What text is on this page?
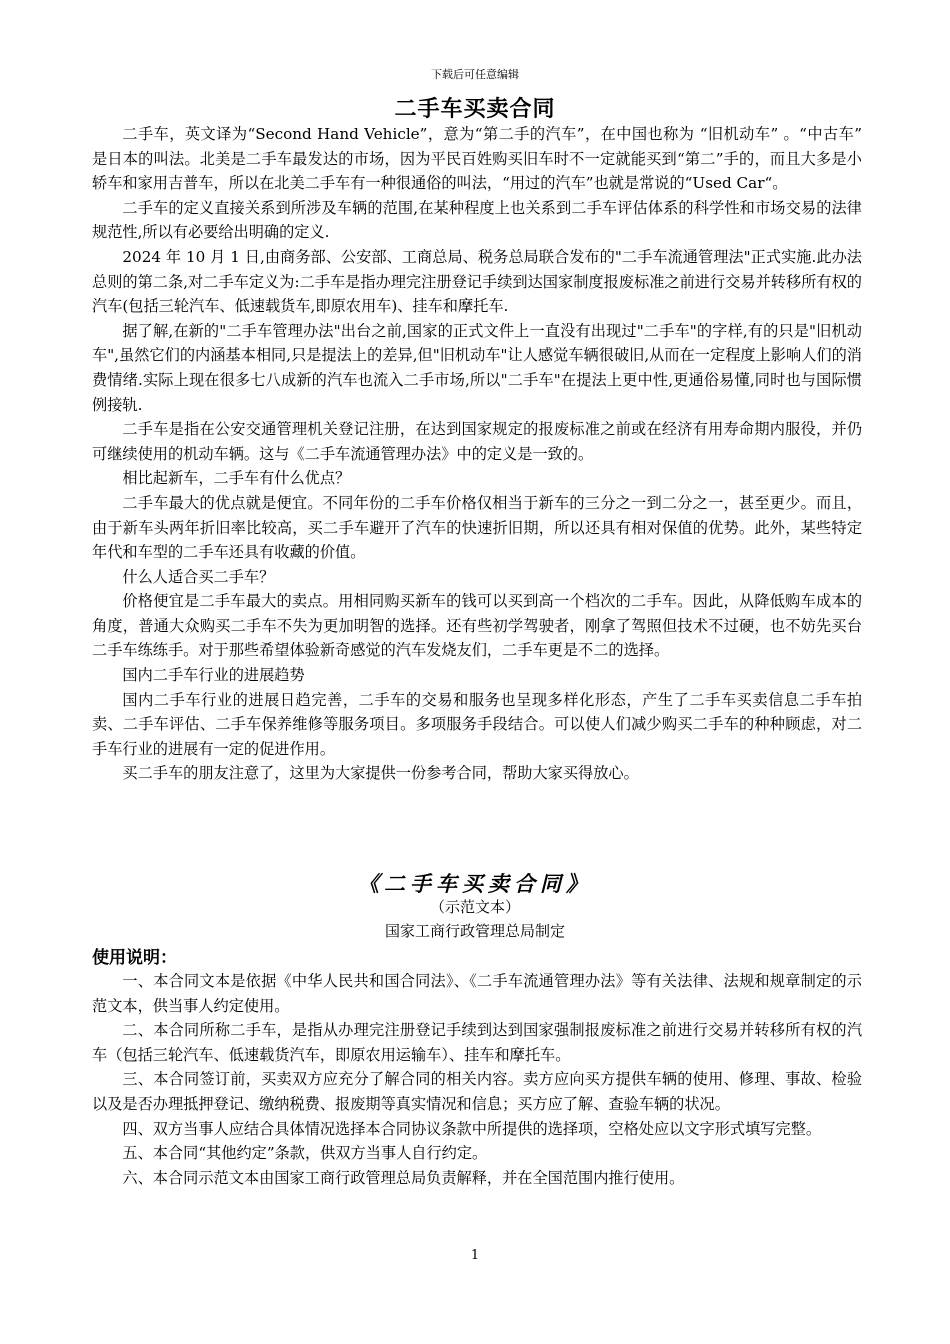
下载后可任意编辑
二手车买卖合同

二手车，英文译为“Second Hand Vehicle”，意为“第二手的汽车”，在中国也称为 “旧机动车” 。“中古车” 是日本的叫法。北美是二手车最发达的市场，因为平民百姓购买旧车时不一定就能买到“第二”手的，而且大多是小轿车和家用吉普车，所以在北美二手车有一种很通俗的叫法，“用过的汽车”也就是常说的“Used Car“。

二手车的定义直接关系到所涉及车辆的范围,在某种程度上也关系到二手车评估体系的科学性和市场交易的法律规范性,所以有必要给出明确的定义.

2024 年 10 月 1 日,由商务部、公安部、工商总局、税务总局联合发布的"二手车流通管理法"正式实施.此办法总则的第二条,对二手车定义为:二手车是指办理完注册登记手续到达国家制度报废标准之前进行交易并转移所有权的汽车(包括三轮汽车、低速载货车,即原农用车)、挂车和摩托车.

据了解,在新的"二手车管理办法"出台之前,国家的正式文件上一直没有出现过"二手车"的字样,有的只是"旧机动车",虽然它们的内涵基本相同,只是提法上的差异,但"旧机动车"让人感觉车辆很破旧,从而在一定程度上影响人们的消费情绪.实际上现在很多七八成新的汽车也流入二手市场,所以"二手车"在提法上更中性,更通俗易懂,同时也与国际惯例接轨.

二手车是指在公安交通管理机关登记注册，在达到国家规定的报废标准之前或在经济有用寿命期内服役，并仍可继续使用的机动车辆。这与《二手车流通管理办法》中的定义是一致的。

相比起新车，二手车有什么优点？

二手车最大的优点就是便宜。不同年份的二手车价格仅相当于新车的三分之一到二分之一，甚至更少。而且，由于新车头两年折旧率比较高，买二手车避开了汽车的快速折旧期，所以还具有相对保值的优势。此外，某些特定年代和车型的二手车还具有收藏的价值。

什么人适合买二手车？

价格便宜是二手车最大的卖点。用相同购买新车的钱可以买到高一个档次的二手车。因此，从降低购车成本的角度，普通大众购买二手车不失为更加明智的选择。还有些初学驾驶者，刚拿了驾照但技术不过硬，也不妨先买台二手车练练手。对于那些希望体验新奇感觉的汽车发烧友们，二手车更是不二的选择。

国内二手车行业的进展趋势

国内二手车行业的进展日趋完善，二手车的交易和服务也呈现多样化形态，产生了二手车买卖信息二手车拍卖、二手车评估、二手车保养维修等服务项目。多项服务手段结合。可以使人们减少购买二手车的种种顾虑，对二手车行业的进展有一定的促进作用。

买二手车的朋友注意了，这里为大家提供一份参考合同，帮助大家买得放心。

《二手车买卖合同》
（示范文本）
国家工商行政管理总局制定
使用说明：

一、本合同文本是依据《中华人民共和国合同法》、《二手车流通管理办法》等有关法律、法规和规章制定的示范文本，供当事人约定使用。

二、本合同所称二手车，是指从办理完注册登记手续到达到国家强制报废标准之前进行交易并转移所有权的汽车（包括三轮汽车、低速载货汽车，即原农用运输车）、挂车和摩托车。

三、本合同签订前，买卖双方应充分了解合同的相关内容。卖方应向买方提供车辆的使用、修理、事故、检验以及是否办理抵押登记、缴纳税费、报废期等真实情况和信息；买方应了解、查验车辆的状况。

四、双方当事人应结合具体情况选择本合同协议条款中所提供的选择项，空格处应以文字形式填写完整。

五、本合同“其他约定”条款，供双方当事人自行约定。

六、本合同示范文本由国家工商行政管理总局负责解释，并在全国范围内推行使用。

1
